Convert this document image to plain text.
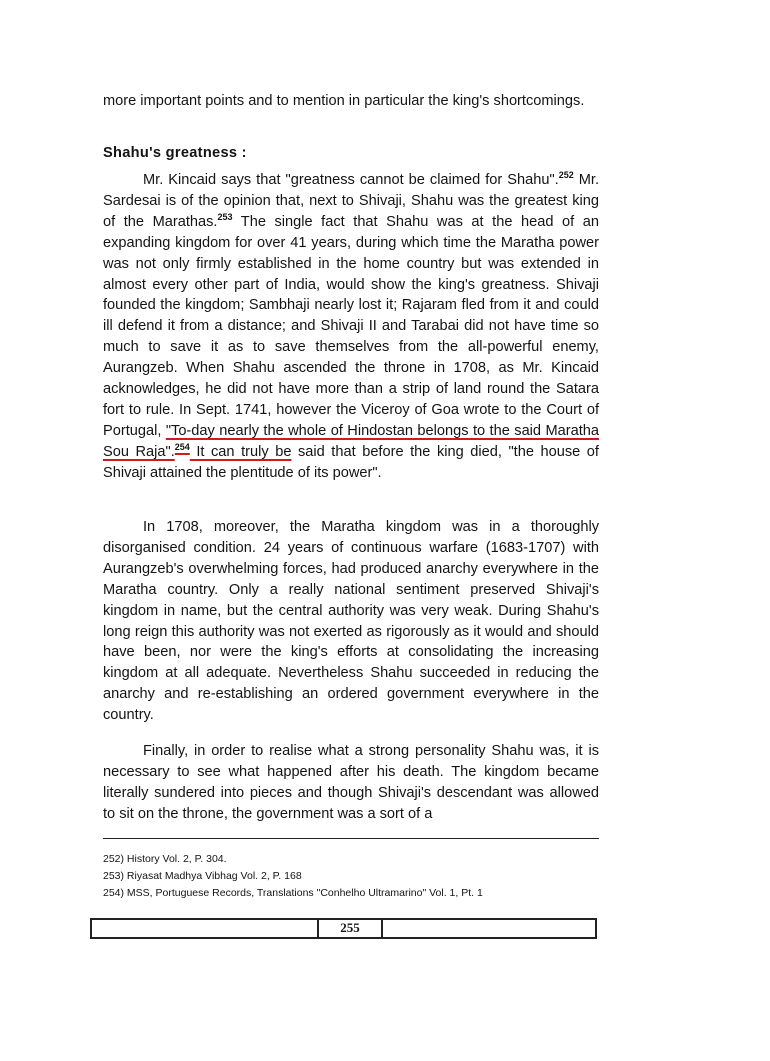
more important points and to mention in particular the king's shortcomings.
Shahu's greatness :
Mr. Kincaid says that "greatness cannot be claimed for Shahu".$^{252}$ Mr. Sardesai is of the opinion that, next to Shivaji, Shahu was the greatest king of the Marathas.$^{253}$ The single fact that Shahu was at the head of an expanding kingdom for over 41 years, during which time the Maratha power was not only firmly established in the home country but was extended in almost every other part of India, would show the king's greatness. Shivaji founded the kingdom; Sambhaji nearly lost it; Rajaram fled from it and could ill defend it from a distance; and Shivaji II and Tarabai did not have time so much to save it as to save themselves from the all-powerful enemy, Aurangzeb. When Shahu ascended the throne in 1708, as Mr. Kincaid acknowledges, he did not have more than a strip of land round the Satara fort to rule. In Sept. 1741, however the Viceroy of Goa wrote to the Court of Portugal, "To-day nearly the whole of Hindostan belongs to the said Maratha Sou Raja".$^{254}$ It can truly be said that before the king died, "the house of Shivaji attained the plentitude of its power".
In 1708, moreover, the Maratha kingdom was in a thoroughly disorganised condition. 24 years of continuous warfare (1683-1707) with Aurangzeb's overwhelming forces, had produced anarchy everywhere in the Maratha country. Only a really national sentiment preserved Shivaji's kingdom in name, but the central authority was very weak. During Shahu's long reign this authority was not exerted as rigorously as it would and should have been, nor were the king's efforts at consolidating the increasing kingdom at all adequate. Nevertheless Shahu succeeded in reducing the anarchy and re-establishing an ordered government everywhere in the country.
Finally, in order to realise what a strong personality Shahu was, it is necessary to see what happened after his death. The kingdom became literally sundered into pieces and though Shivaji's descendant was allowed to sit on the throne, the government was a sort of a
252) History Vol. 2, P. 304.
253) Riyasat Madhya Vibhag Vol. 2, P. 168
254) MSS, Portuguese Records, Translations "Conhelho Ultramarino" Vol. 1, Pt. 1
255
